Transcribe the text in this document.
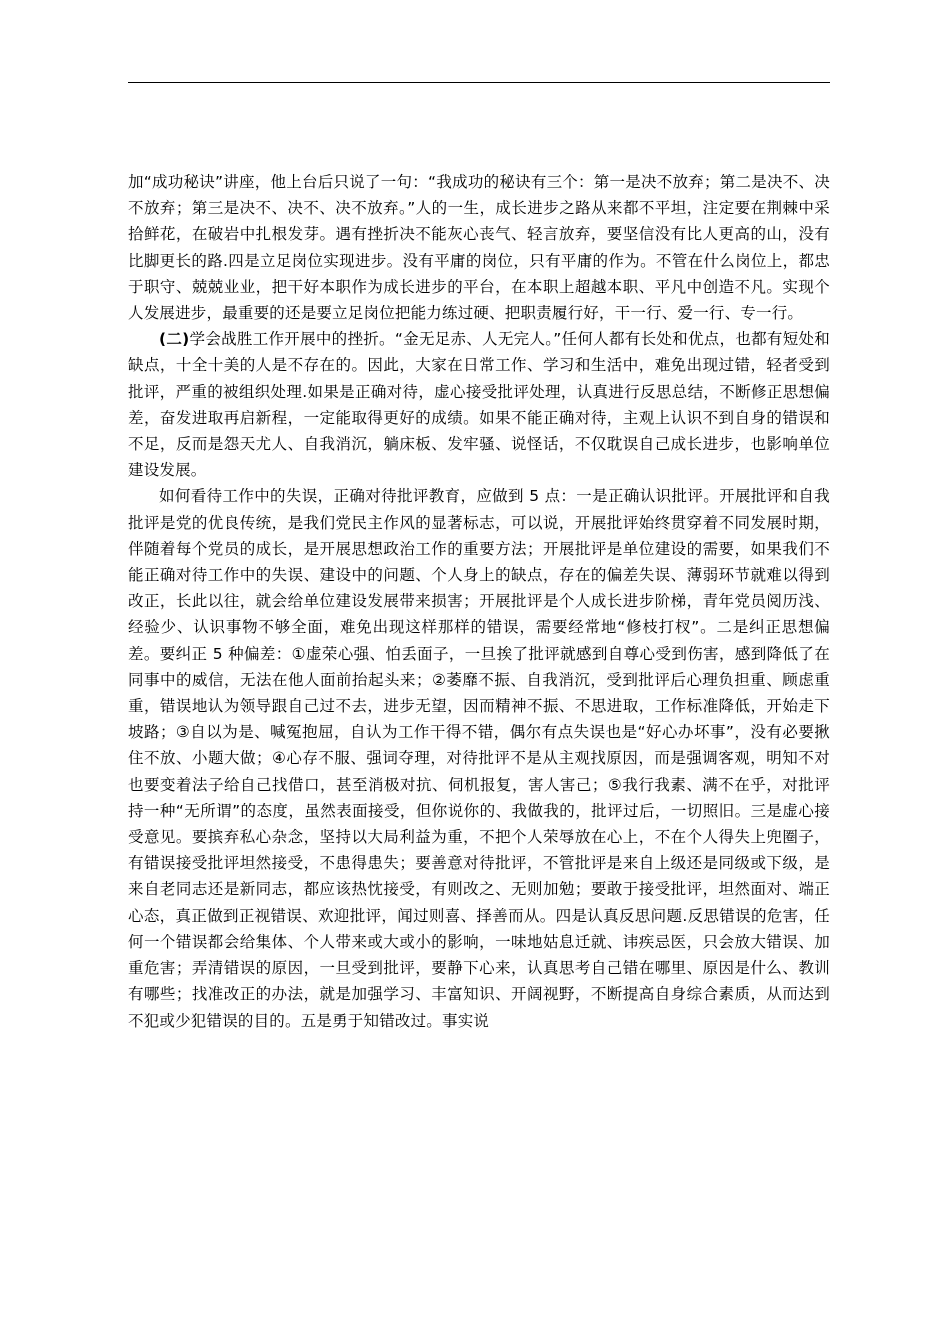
加“成功秘诀”讲座，他上台后只说了一句：“我成功的秘诀有三个：第一是决不放弃；第二是决不、决不放弃；第三是决不、决不、决不放弃。”人的一生，成长进步之路从来都不平坦，注定要在荆棘中采拾鲜花，在破岩中扎根发芽。遇有挫折决不能灰心丧气、轻言放弃，要坚信没有比人更高的山，没有比脚更长的路.四是立足岗位实现进步。没有平庸的岗位，只有平庸的作为。不管在什么岗位上，都忠于职守、兢兢业业，把干好本职作为成长进步的平台，在本职上超越本职、平凡中创造不凡。实现个人发展进步，最重要的还是要立足岗位把能力练过硬、把职责履行好，干一行、爱一行、专一行。

(二)学会战胜工作开展中的挫折。“金无足赤、人无完人。”任何人都有长处和优点，也都有短处和缺点，十全十美的人是不存在的。因此，大家在日常工作、学习和生活中，难免出现过错，轻者受到批评，严重的被组织处理.如果是正确对待，虚心接受批评处理，认真进行反思总结，不断修正思想偏差，奋发进取再启新程，一定能取得更好的成绩。如果不能正确对待，主观上认识不到自身的错误和不足，反而是怨天尤人、自我消沉，躺床板、发牢骚、说怪话，不仅耽误自己成长进步，也影响单位建设发展。

如何看待工作中的失误，正确对待批评教育，应做到 5 点：一是正确认识批评。开展批评和自我批评是党的优良传统，是我们党民主作风的显著标志，可以说，开展批评始终贯穿着不同发展时期，伴随着每个党员的成长，是开展思想政治工作的重要方法；开展批评是单位建设的需要，如果我们不能正确对待工作中的失误、建设中的问题、个人身上的缺点，存在的偏差失误、薄弱环节就难以得到改正，长此以往，就会给单位建设发展带来损害；开展批评是个人成长进步阶梯，青年党员阅历浅、经验少、认识事物不够全面，难免出现这样那样的错误，需要经常地“修枝打杈”。二是纠正思想偏差。要纠正 5 种偏差：①虚荣心强、怕丢面子，一旦挨了批评就感到自尊心受到伤害，感到降低了在同事中的威信，无法在他人面前抬起头来；②萎靡不振、自我消沉，受到批评后心理负担重、顾虑重重，错误地认为领导跟自己过不去，进步无望，因而精神不振、不思进取，工作标准降低，开始走下坡路；③自以为是、喊冤抱屈，自认为工作干得不错，偶尔有点失误也是“好心办坏事”，没有必要揪住不放、小题大做；④心存不服、强词夺理，对待批评不是从主观找原因，而是强调客观，明知不对也要变着法子给自己找借口，甚至消极对抗、伺机报复，害人害己；⑤我行我素、满不在乎，对批评持一种“无所谓”的态度，虽然表面接受，但你说你的、我做我的，批评过后，一切照旧。三是虚心接受意见。要摈弃私心杂念，坚持以大局利益为重，不把个人荣辱放在心上，不在个人得失上兜圈子，有错误接受批评坦然接受，不患得患失；要善意对待批评，不管批评是来自上级还是同级或下级，是来自老同志还是新同志，都应该热忱接受，有则改之、无则加勉；要敢于接受批评，坦然面对、端正心态，真正做到正视错误、欢迎批评，闻过则喜、择善而从。四是认真反思问题.反思错误的危害，任何一个错误都会给集体、个人带来或大或小的影响，一味地姑息迁就、讳疾忌医，只会放大错误、加重危害；弄清错误的原因，一旦受到批评，要静下心来，认真思考自己错在哪里、原因是什么、教训有哪些；找准改正的办法，就是加强学习、丰富知识、开阔视野，不断提高自身综合素质，从而达到不犯或少犯错误的目的。五是勇于知错改过。事实说
